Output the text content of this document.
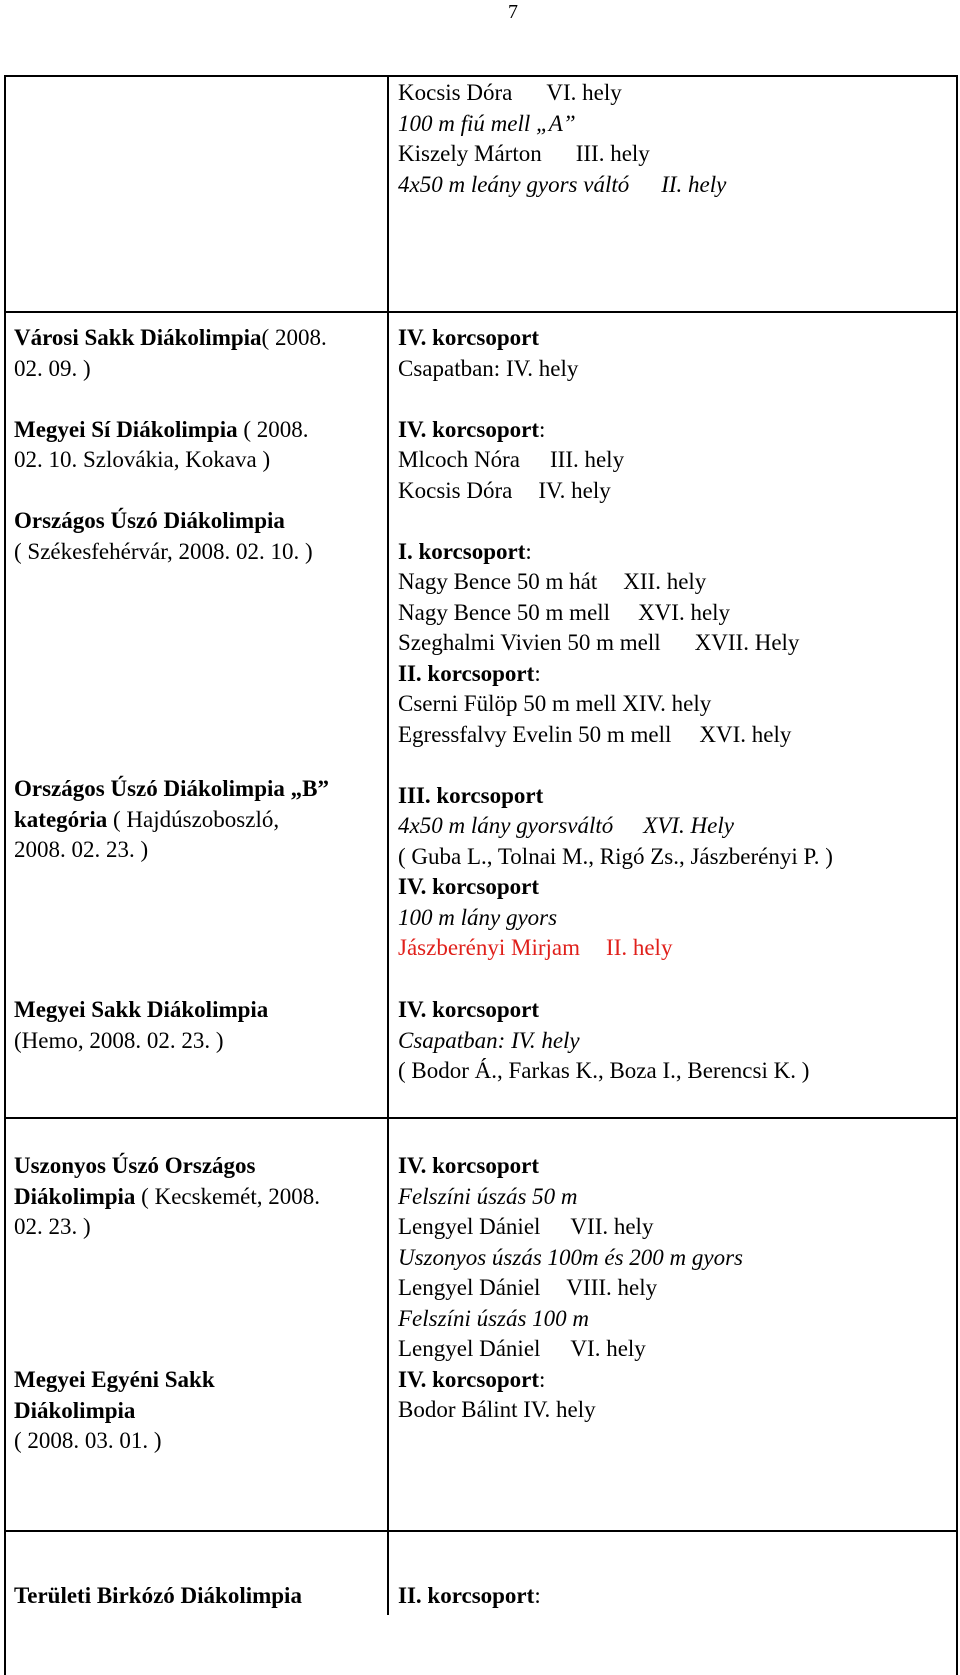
7
Kocsis Dóra VI. hely
100 m fiú mell „A”
Kiszely Márton III. hely
4x50 m leány gyors váltó II. hely
Városi Sakk Diákolimpia( 2008.
02. 09. )
Megyei Sí Diákolimpia ( 2008.
02. 10. Szlovákia, Kokava )
Országos Úszó Diákolimpia
( Székesfehérvár, 2008. 02. 10. )
Országos Úszó Diákolimpia „B”
kategória ( Hajdúszoboszló,
2008. 02. 23. )
Megyei Sakk Diákolimpia
(Hemo, 2008. 02. 23. )
IV. korcsoport
Csapatban: IV. hely
IV. korcsoport:
Mlcoch Nóra III. hely
Kocsis Dóra IV. hely
I. korcsoport:
Nagy Bence 50 m hát XII. hely
Nagy Bence 50 m mell XVI. hely
Szeghalmi Vivien 50 m mell XVII. Hely
II. korcsoport:
Cserni Fülöp 50 m mell XIV. hely
Egressfalvy Evelin 50 m mell XVI. hely
III. korcsoport
4x50 m lány gyorsváltó XVI. Hely
( Guba L., Tolnai M., Rigó Zs., Jászberényi P. )
IV. korcsoport
100 m lány gyors
Jászberényi Mirjam II. hely
IV. korcsoport
Csapatban: IV. hely
( Bodor Á., Farkas K., Boza I., Berencsi K. )
Uszonyos Úszó Országos
Diákolimpia ( Kecskemét, 2008.
02. 23. )
Megyei Egyéni Sakk
Diákolimpia
( 2008. 03. 01. )
IV. korcsoport
Felszíni úszás 50 m
Lengyel Dániel VII. hely
Uszonyos úszás 100m és 200 m gyors
Lengyel Dániel VIII. hely
Felszíni úszás 100 m
Lengyel Dániel VI. hely
IV. korcsoport:
Bodor Bálint IV. hely
Területi Birkózó Diákolimpia	II. korcsoport:
